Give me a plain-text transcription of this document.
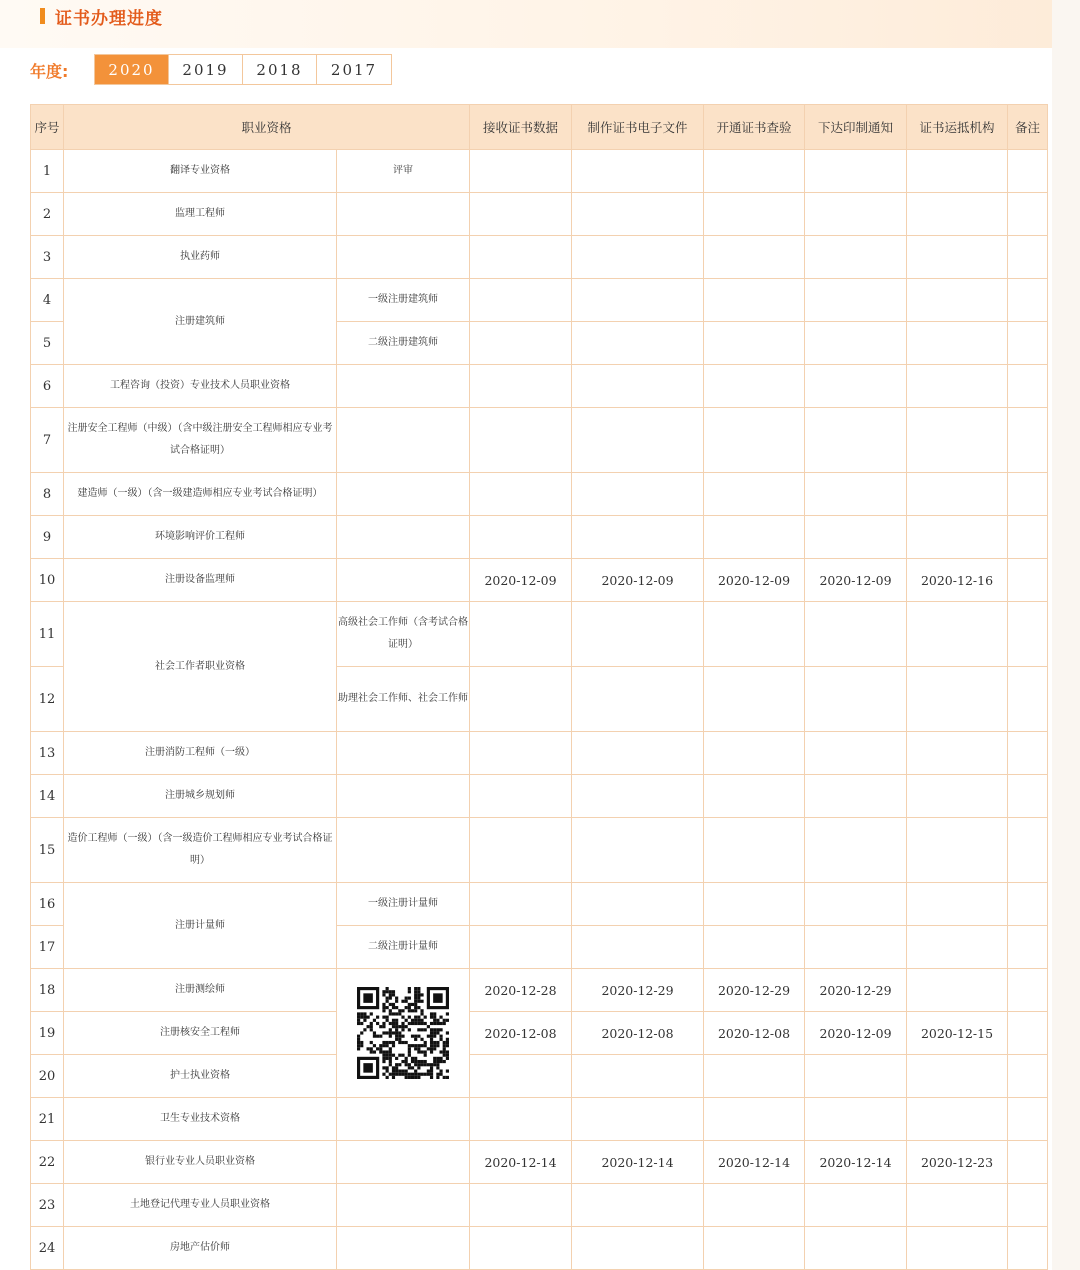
证书办理进度
年度:	2020	2019	2018	2017
序号	职业资格		接收证书数据	制作证书电子文件	开通证书查验	下达印制通知	证书运抵机构	备注
1	翻译专业资格	评审						
2	监理工程师							
3	执业药师							
4	注册建筑师	一级注册建筑师						
5		二级注册建筑师						
6	工程咨询（投资）专业技术人员职业资格							
7	注册安全工程师（中级）（含中级注册安全工程师相应专业考试合格证明）							
8	建造师（一级）（含一级建造师相应专业考试合格证明）							
9	环境影响评价工程师							
10	注册设备监理师		2020-12-09	2020-12-09	2020-12-09	2020-12-09	2020-12-16	
11	社会工作者职业资格	高级社会工作师（含考试合格证明）						
12		助理社会工作师、社会工作师						
13	注册消防工程师（一级）							
14	注册城乡规划师							
15	造价工程师（一级）（含一级造价工程师相应专业考试合格证明）							
16	注册计量师	一级注册计量师						
17		二级注册计量师						
18	注册测绘师		2020-12-28	2020-12-29	2020-12-29	2020-12-29		
19	注册核安全工程师		2020-12-08	2020-12-08	2020-12-08	2020-12-09	2020-12-15	
20	护士执业资格							
21	卫生专业技术资格							
22	银行业专业人员职业资格		2020-12-14	2020-12-14	2020-12-14	2020-12-14	2020-12-23	
23	土地登记代理专业人员职业资格							
24	房地产估价师							
